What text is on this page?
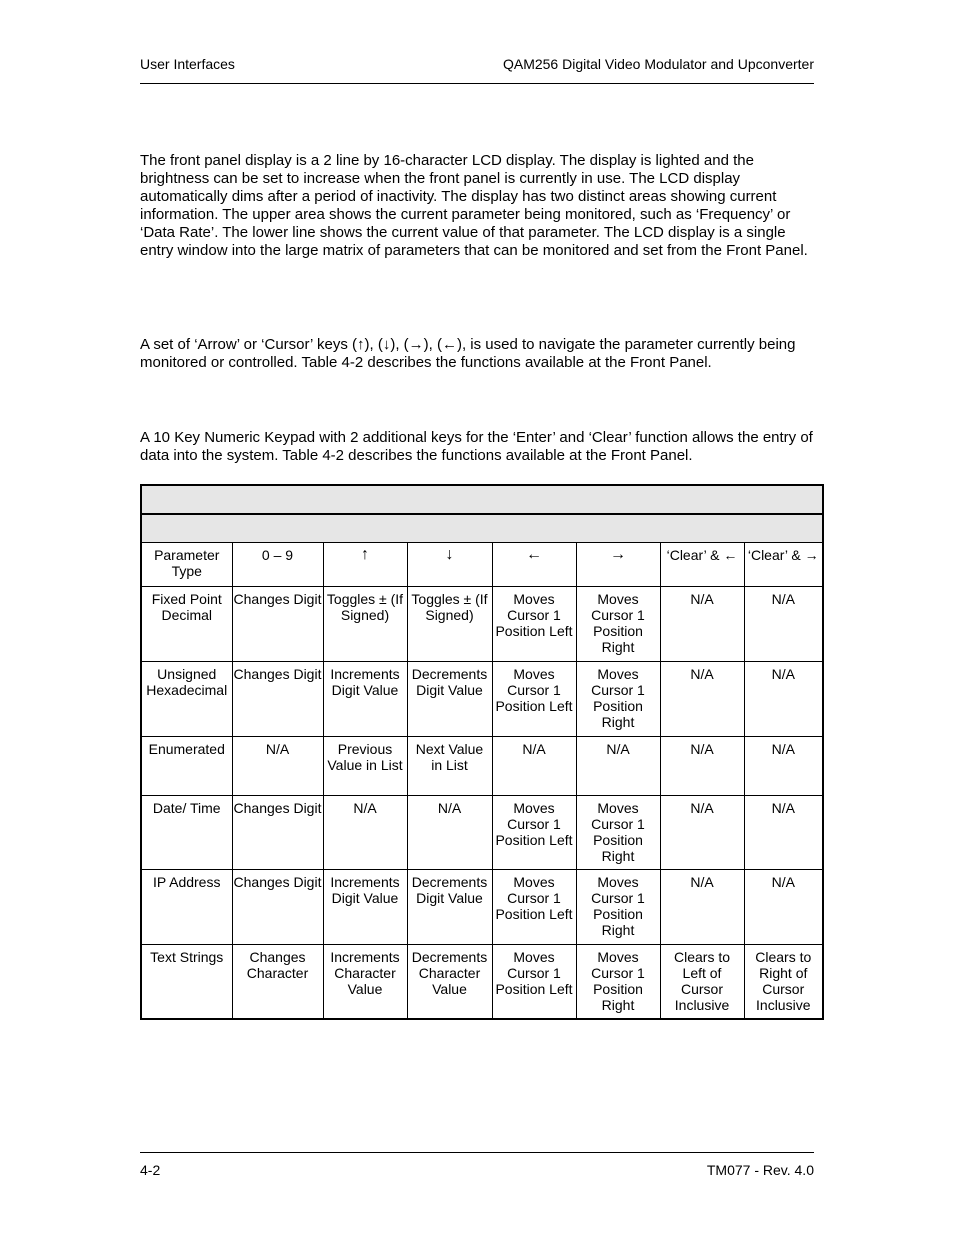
User Interfaces	QAM256 Digital Video Modulator and Upconverter

The front panel display is a 2 line by 16-character LCD display. The display is lighted and the brightness can be set to increase when the front panel is currently in use. The LCD display automatically dims after a period of inactivity. The display has two distinct areas showing current information. The upper area shows the current parameter being monitored, such as ‘Frequency’ or ‘Data Rate’. The lower line shows the current value of that parameter. The LCD display is a single entry window into the large matrix of parameters that can be monitored and set from the Front Panel.

A set of ‘Arrow’ or ‘Cursor’ keys (↑), (↓), (→), (←), is used to navigate the parameter currently being monitored or controlled. Table 4-2 describes the functions available at the Front Panel.

A 10 Key Numeric Keypad with 2 additional keys for the ‘Enter’ and ‘Clear’ function allows the entry of data into the system. Table 4-2 describes the functions available at the Front Panel.

Parameter Type	0 – 9	↑	↓	←	→	‘Clear’ & ←	‘Clear’ & →
Fixed Point Decimal	Changes Digit	Toggles ± (If Signed)	Toggles ± (If Signed)	Moves Cursor 1 Position Left	Moves Cursor 1 Position Right	N/A	N/A
Unsigned Hexadecimal	Changes Digit	Increments Digit Value	Decrements Digit Value	Moves Cursor 1 Position Left	Moves Cursor 1 Position Right	N/A	N/A
Enumerated	N/A	Previous Value in List	Next Value in List	N/A	N/A	N/A	N/A
Date/ Time	Changes Digit	N/A	N/A	Moves Cursor 1 Position Left	Moves Cursor 1 Position Right	N/A	N/A
IP Address	Changes Digit	Increments Digit Value	Decrements Digit Value	Moves Cursor 1 Position Left	Moves Cursor 1 Position Right	N/A	N/A
Text Strings	Changes Character	Increments Character Value	Decrements Character Value	Moves Cursor 1 Position Left	Moves Cursor 1 Position Right	Clears to Left of Cursor Inclusive	Clears to Right of Cursor Inclusive
4-2	TM077 - Rev. 4.0
